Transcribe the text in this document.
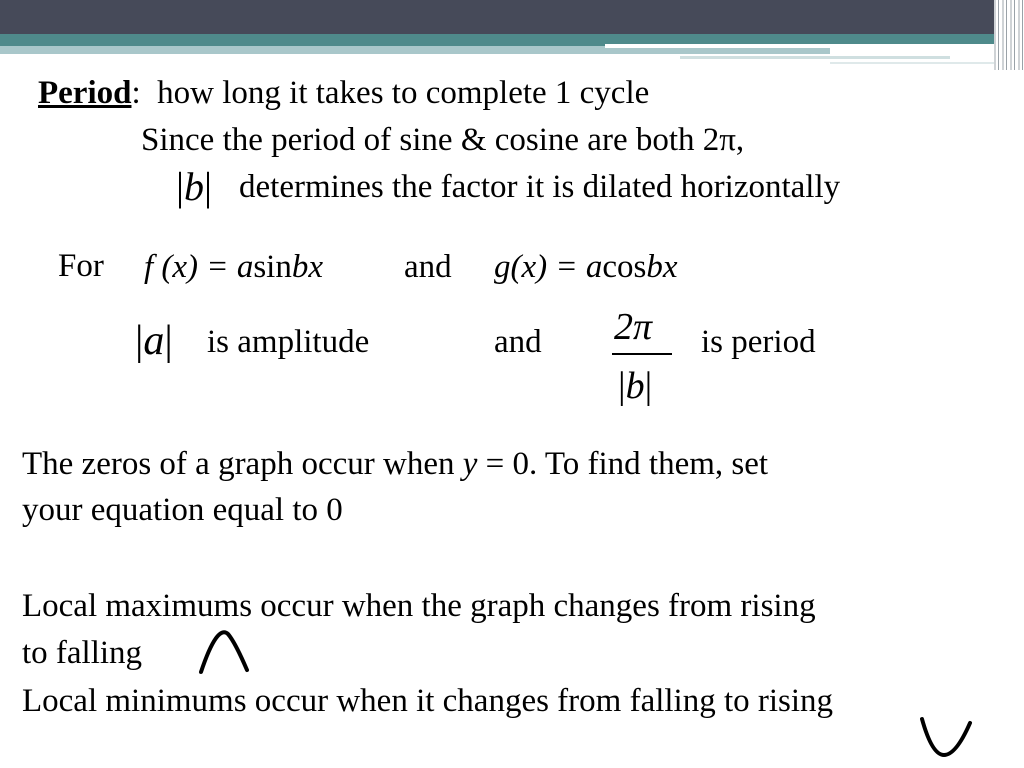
Period: how long it takes to complete 1 cycle
Since the period of sine & cosine are both 2π,
|b| determines the factor it is dilated horizontally
For f (x) = asinbx and g(x) = acosbx
|a| is amplitude	and 2π
|b|
is period
The zeros of a graph occur when y = 0. To find them, set
your equation equal to 0
Local maximums occur when the graph changes from rising
to falling
Local minimums occur when it changes from falling to rising
